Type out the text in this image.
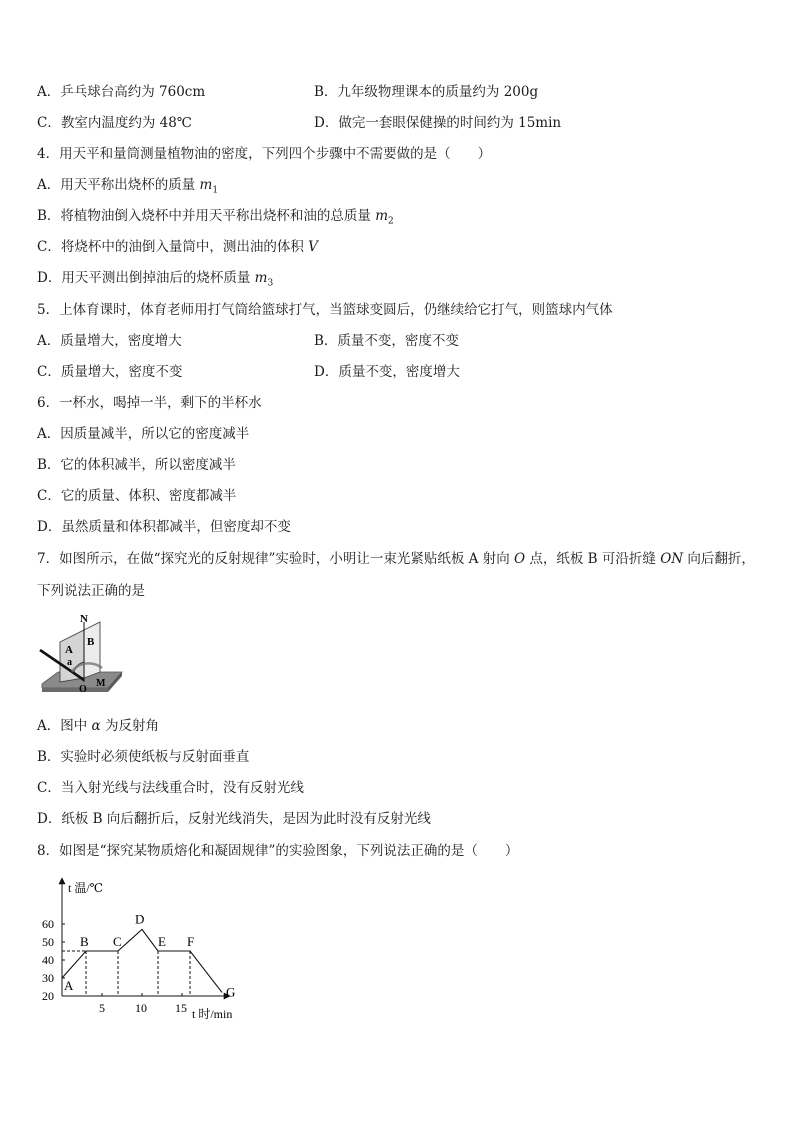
A．乒乓球台高约为 760cm	B．九年级物理课本的质量约为 200g
C．教室内温度约为 48℃	D．做完一套眼保健操的时间约为 15min
4．用天平和量筒测量植物油的密度，下列四个步骤中不需要做的是（　　）
A．用天平称出烧杯的质量 $m_1$
B．将植物油倒入烧杯中并用天平称出烧杯和油的总质量 $m_2$
C．将烧杯中的油倒入量筒中，测出油的体积 V
D．用天平测出倒掉油后的烧杯质量 $m_3$
5．上体育课时，体育老师用打气筒给篮球打气，当篮球变圆后，仍继续给它打气，则篮球内气体
A．质量增大，密度增大	B．质量不变，密度不变
C．质量增大，密度不变	D．质量不变，密度增大
6．一杯水，喝掉一半，剩下的半杯水
A．因质量减半，所以它的密度减半
B．它的体积减半，所以密度减半
C．它的质量、体积、密度都减半
D．虽然质量和体积都减半，但密度却不变
7．如图所示，在做“探究光的反射规律”实验时，小明让一束光紧贴纸板 A 射向 O 点，纸板 B 可沿折缝 ON 向后翻折，
下列说法正确的是
N
B
A
a
O
M
A．图中 α 为反射角
B．实验时必须使纸板与反射面垂直
C．当入射光线与法线重合时，没有反射光线
D．纸板 B 向后翻折后，反射光线消失，是因为此时没有反射光线
8．如图是“探究某物质熔化和凝固规律”的实验图象，下列说法正确的是（　　）
t 温/℃
t 时/min
20
30
40
50
60
5	10 15
A
B C
D
E F
G
